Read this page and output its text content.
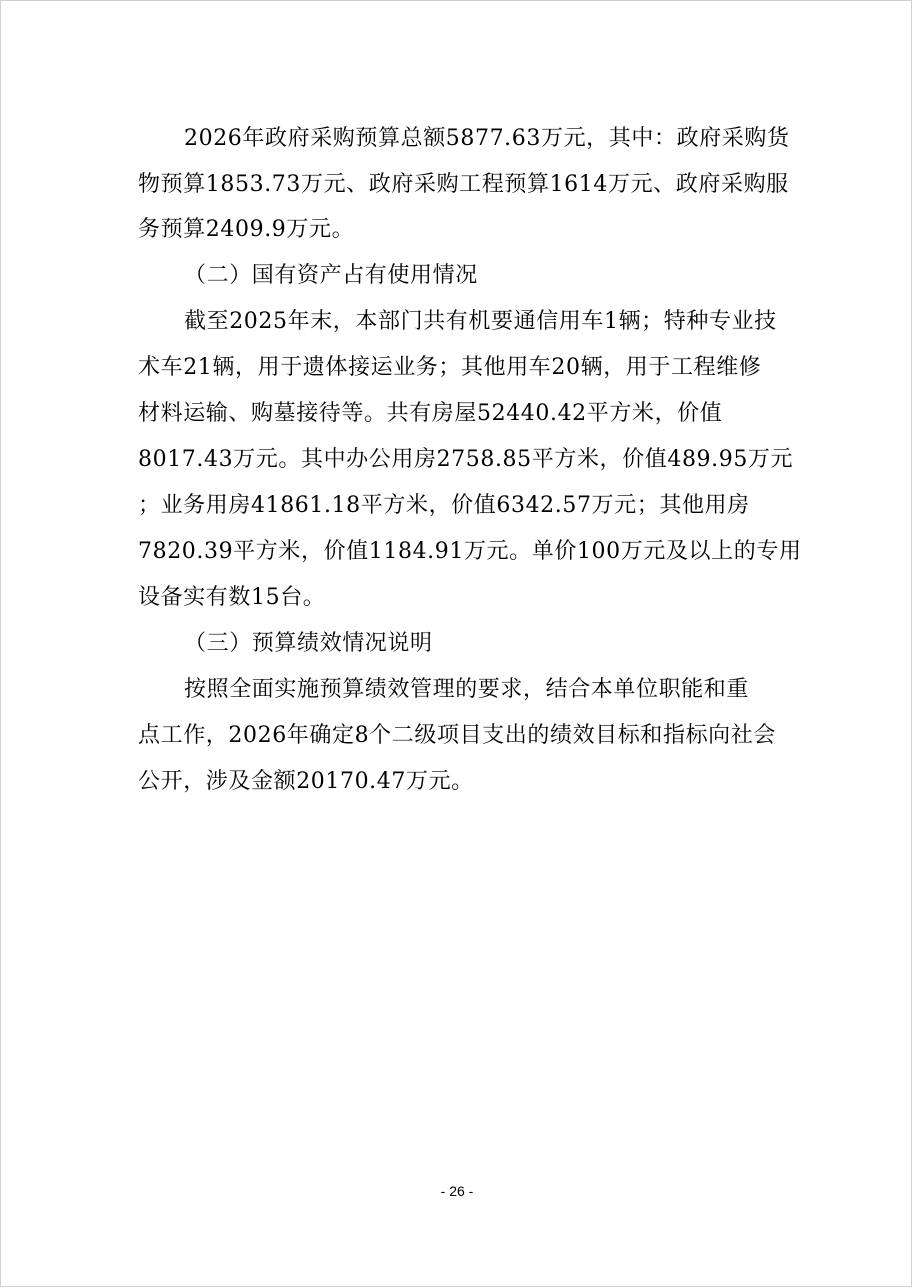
2026年政府采购预算总额5877.63万元，其中：政府采购货
物预算1853.73万元、政府采购工程预算1614万元、政府采购服
务预算2409.9万元。
（二）国有资产占有使用情况
截至2025年末，本部门共有机要通信用车1辆；特种专业技
术车21辆，用于遗体接运业务；其他用车20辆，用于工程维修
材料运输、购墓接待等。共有房屋52440.42平方米，价值
8017.43万元。其中办公用房2758.85平方米，价值489.95万元
；业务用房41861.18平方米，价值6342.57万元；其他用房
7820.39平方米，价值1184.91万元。单价100万元及以上的专用
设备实有数15台。
（三）预算绩效情况说明
按照全面实施预算绩效管理的要求，结合本单位职能和重
点工作，2026年确定8个二级项目支出的绩效目标和指标向社会
公开，涉及金额20170.47万元。
- 26 -
